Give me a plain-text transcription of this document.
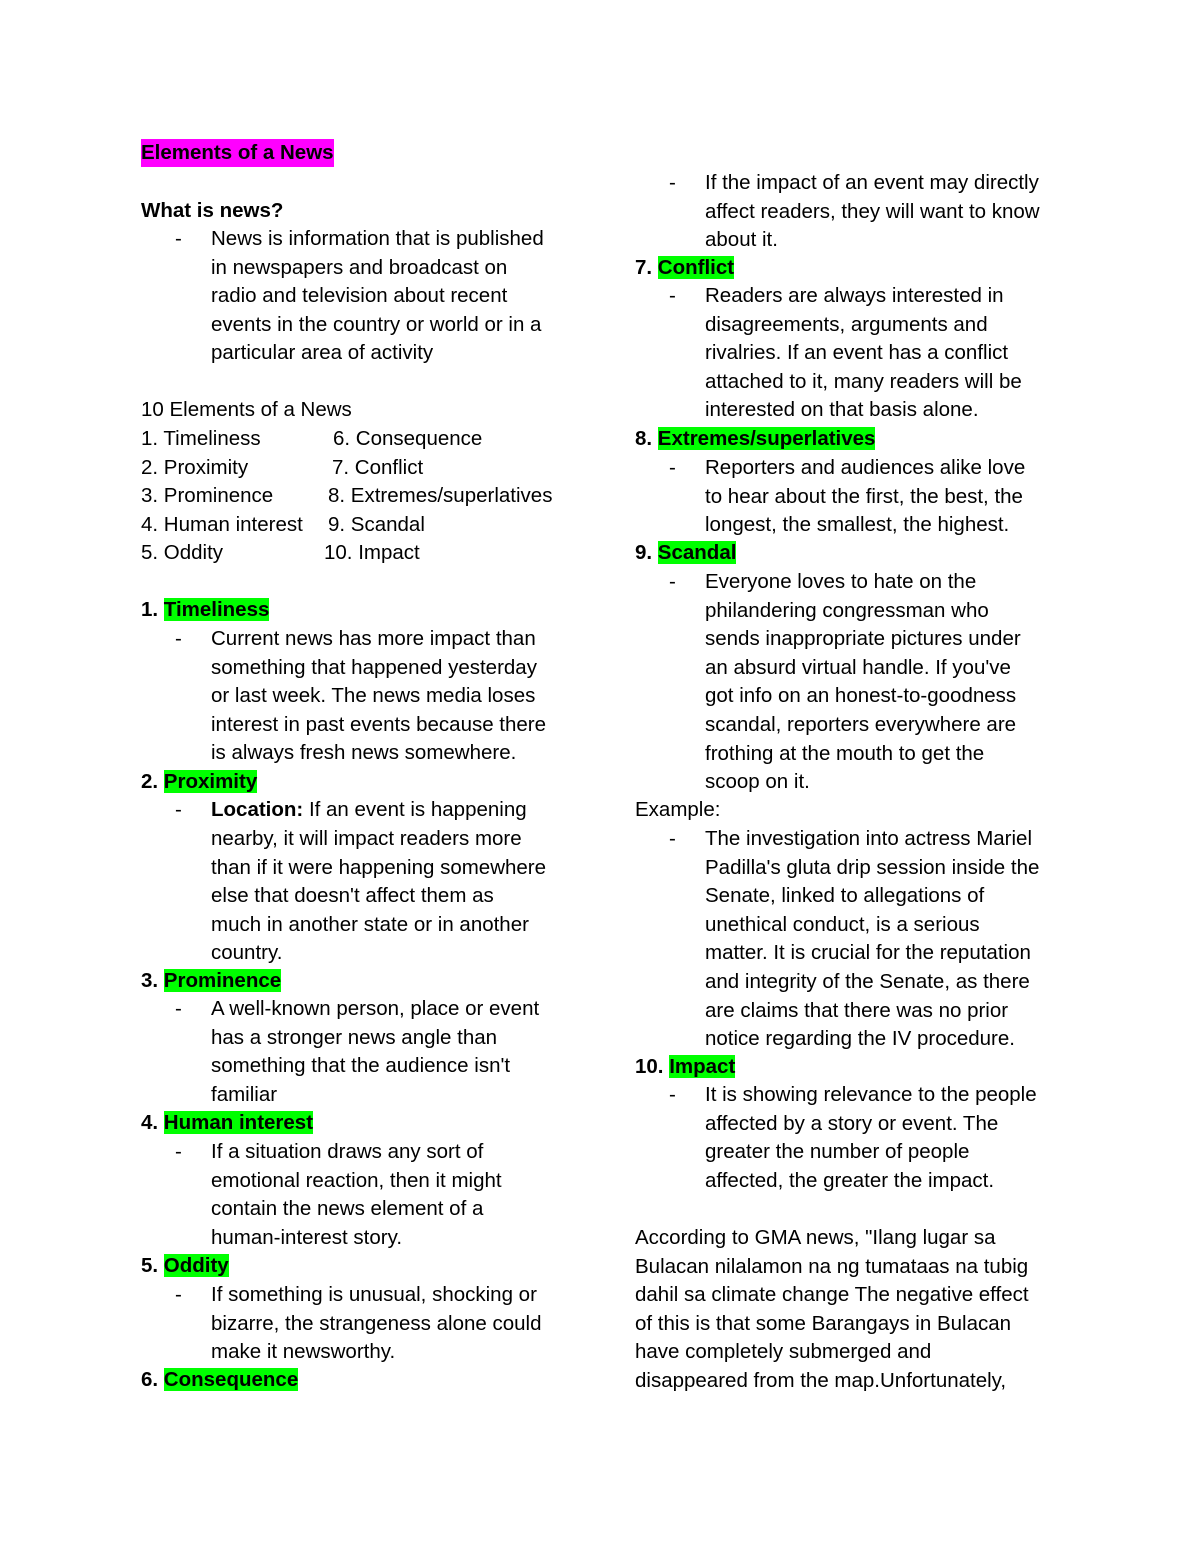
Elements of a News
What is news?
- News is information that is published
in newspapers and broadcast on
radio and television about recent
events in the country or world or in a
particular area of activity
10 Elements of a News
1. Timeliness	6. Consequence
2. Proximity	7. Conflict
3. Prominence	8. Extremes/superlatives
4. Human interest 9. Scandal
5. Oddity	10. Impact
1. Timeliness
- Current news has more impact than
something that happened yesterday
or last week. The news media loses
interest in past events because there
is always fresh news somewhere.
2. Proximity
- Location: If an event is happening
nearby, it will impact readers more
than if it were happening somewhere
else that doesn't affect them as
much in another state or in another
country.
3. Prominence
- A well-known person, place or event
has a stronger news angle than
something that the audience isn't
familiar
4. Human interest
- If a situation draws any sort of
emotional reaction, then it might
contain the news element of a
human-interest story.
5. Oddity
- If something is unusual, shocking or
bizarre, the strangeness alone could
make it newsworthy.
6. Consequence
- If the impact of an event may directly
affect readers, they will want to know
about it.
7. Conflict
- Readers are always interested in
disagreements, arguments and
rivalries. If an event has a conflict
attached to it, many readers will be
interested on that basis alone.
8. Extremes/superlatives
- Reporters and audiences alike love
to hear about the first, the best, the
longest, the smallest, the highest.
9. Scandal
- Everyone loves to hate on the
philandering congressman who
sends inappropriate pictures under
an absurd virtual handle. If you've
got info on an honest-to-goodness
scandal, reporters everywhere are
frothing at the mouth to get the
scoop on it.
Example:
- The investigation into actress Mariel
Padilla's gluta drip session inside the
Senate, linked to allegations of
unethical conduct, is a serious
matter. It is crucial for the reputation
and integrity of the Senate, as there
are claims that there was no prior
notice regarding the IV procedure.
10. Impact
- It is showing relevance to the people
affected by a story or event. The
greater the number of people
affected, the greater the impact.
According to GMA news, "Ilang lugar sa
Bulacan nilalamon na ng tumataas na tubig
dahil sa climate change The negative effect
of this is that some Barangays in Bulacan
have completely submerged and
disappeared from the map.Unfortunately,
